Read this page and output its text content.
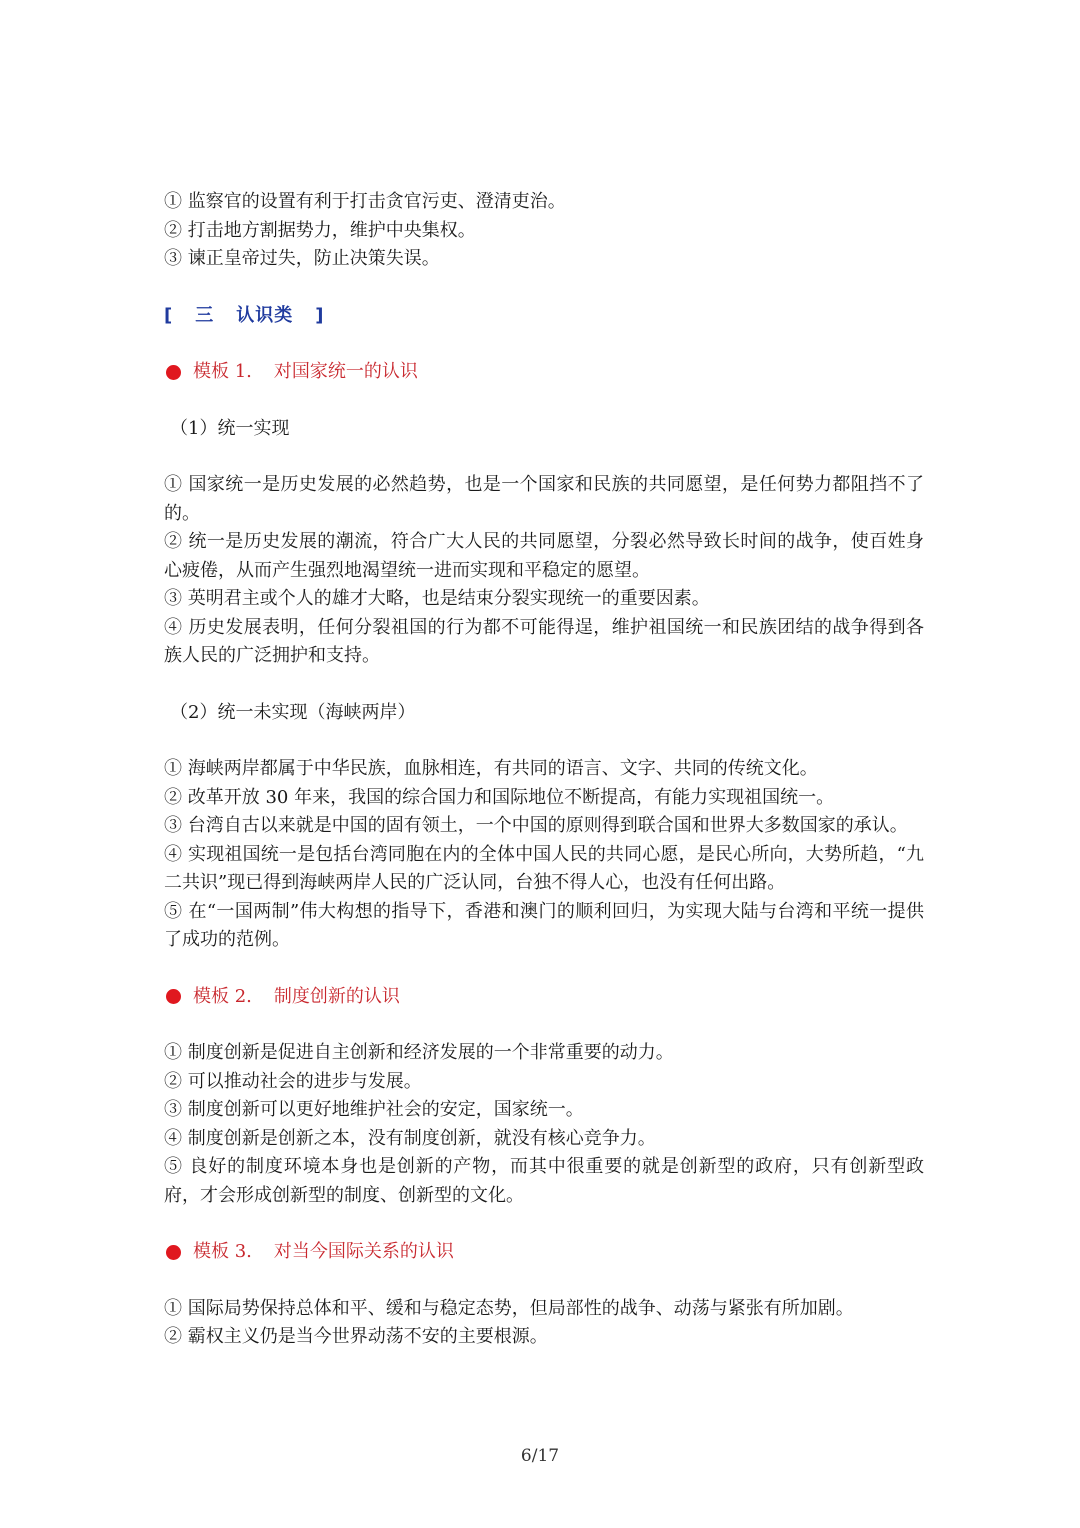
① 监察官的设置有利于打击贪官污吏、澄清吏治。

② 打击地方割据势力，维护中央集权。

③ 谏正皇帝过失，防止决策失误。

[ 三 认识类 ]

模板 1. 对国家统一的认识

（1）统一实现

① 国家统一是历史发展的必然趋势，也是一个国家和民族的共同愿望，是任何势力都阻挡不了的。

② 统一是历史发展的潮流，符合广大人民的共同愿望，分裂必然导致长时间的战争，使百姓身心疲倦，从而产生强烈地渴望统一进而实现和平稳定的愿望。

③ 英明君主或个人的雄才大略，也是结束分裂实现统一的重要因素。

④ 历史发展表明，任何分裂祖国的行为都不可能得逞，维护祖国统一和民族团结的战争得到各族人民的广泛拥护和支持。

（2）统一未实现（海峡两岸）

① 海峡两岸都属于中华民族，血脉相连，有共同的语言、文字、共同的传统文化。

② 改革开放 30 年来，我国的综合国力和国际地位不断提高，有能力实现祖国统一。

③ 台湾自古以来就是中国的固有领土，一个中国的原则得到联合国和世界大多数国家的承认。

④ 实现祖国统一是包括台湾同胞在内的全体中国人民的共同心愿，是民心所向，大势所趋，“九二共识”现已得到海峡两岸人民的广泛认同，台独不得人心，也没有任何出路。

⑤ 在“一国两制”伟大构想的指导下，香港和澳门的顺利回归，为实现大陆与台湾和平统一提供了成功的范例。

模板 2. 制度创新的认识

① 制度创新是促进自主创新和经济发展的一个非常重要的动力。

② 可以推动社会的进步与发展。

③ 制度创新可以更好地维护社会的安定，国家统一。

④ 制度创新是创新之本，没有制度创新，就没有核心竞争力。

⑤ 良好的制度环境本身也是创新的产物，而其中很重要的就是创新型的政府，只有创新型政府，才会形成创新型的制度、创新型的文化。

模板 3. 对当今国际关系的认识

① 国际局势保持总体和平、缓和与稳定态势，但局部性的战争、动荡与紧张有所加剧。

② 霸权主义仍是当今世界动荡不安的主要根源。

6/17
